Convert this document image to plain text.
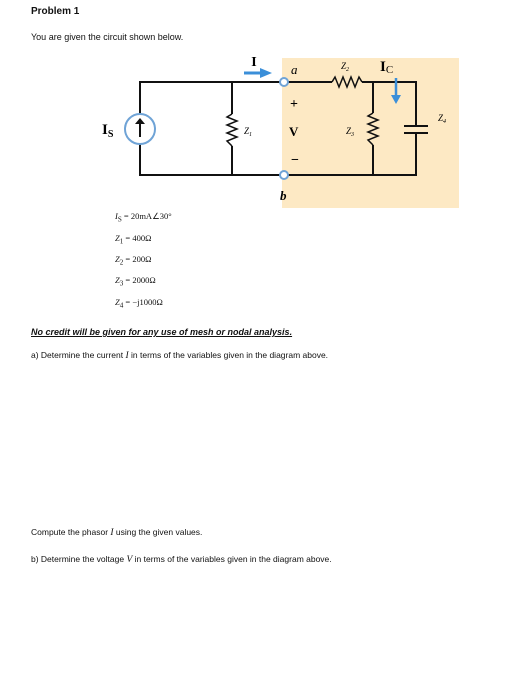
Problem 1
You are given the circuit shown below.
I	a
b
$I_S$	$Z_1$
$Z_2$
$Z_3$
$Z_4$
IC
+
V
−
$I_S$ = 20mA∠30°
$Z_1 = 400\Omega$
$Z_2 = 200\Omega$
$Z_3 = 2000\Omega$
$Z_4 = -j1000\Omega$
No credit will be given for any use of mesh or nodal analysis.
a) Determine the current I in terms of the variables given in the diagram above.
Compute the phasor I using the given values.
b) Determine the voltage V in terms of the variables given in the diagram above.
